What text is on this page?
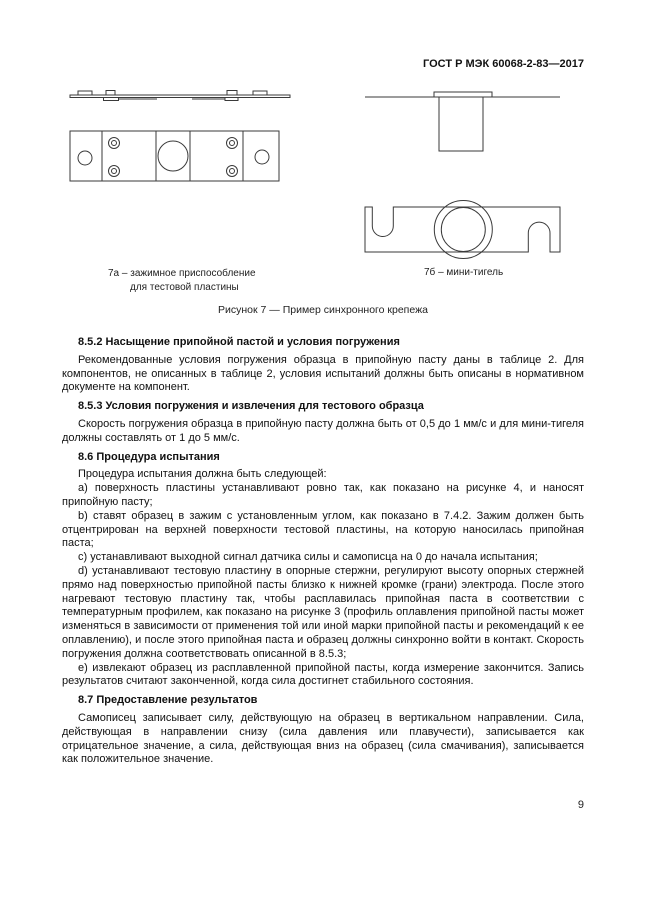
ГОСТ Р МЭК 60068-2-83—2017
7а – зажимное приспособление
для тестовой пластины
7б – мини-тигель
Рисунок 7 — Пример синхронного крепежа

8.5.2 Насыщение припойной пастой и условия погружения

Рекомендованные условия погружения образца в припойную пасту даны в таблице 2. Для компонентов, не описанных в таблице 2, условия испытаний должны быть описаны в нормативном документе на компонент.

8.5.3 Условия погружения и извлечения для тестового образца

Скорость погружения образца в припойную пасту должна быть от 0,5 до 1 мм/с и для мини-тигеля должны составлять от 1 до 5 мм/с.

8.6 Процедура испытания

Процедура испытания должна быть следующей:

a) поверхность пластины устанавливают ровно так, как показано на рисунке 4, и наносят припойную пасту;

b) ставят образец в зажим с установленным углом, как показано в 7.4.2. Зажим должен быть отцентрирован на верхней поверхности тестовой пластины, на которую наносилась припойная паста;

c) устанавливают выходной сигнал датчика силы и самописца на 0 до начала испытания;

d) устанавливают тестовую пластину в опорные стержни, регулируют высоту опорных стержней прямо над поверхностью припойной пасты близко к нижней кромке (грани) электрода. После этого нагревают тестовую пластину так, чтобы расплавилась припойная паста в соответствии с температурным профилем, как показано на рисунке 3 (профиль оплавления припойной пасты может изменяться в зависимости от применения той или иной марки припойной пасты и рекомендаций к ее оплавлению), и после этого припойная паста и образец должны синхронно войти в контакт. Скорость погружения должна соответствовать описанной в 8.5.3;

e) извлекают образец из расплавленной припойной пасты, когда измерение закончится. Запись результатов считают законченной, когда сила достигнет стабильного состояния.

8.7 Предоставление результатов

Самописец записывает силу, действующую на образец в вертикальном направлении. Сила, действующая в направлении снизу (сила давления или плавучести), записывается как отрицательное значение, а сила, действующая вниз на образец (сила смачивания), записывается как положительное значение.

9
